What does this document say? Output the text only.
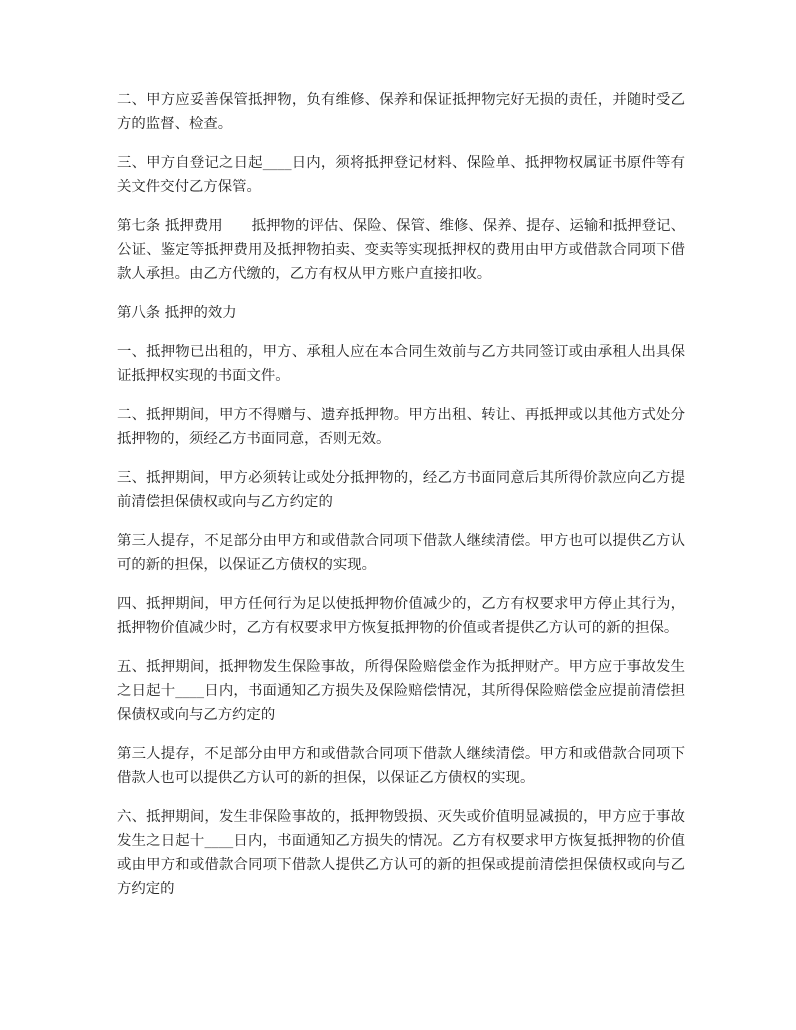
二、甲方应妥善保管抵押物，负有维修、保养和保证抵押物完好无损的责任，并随时受乙方的监督、检查。

三、甲方自登记之日起____日内，须将抵押登记材料、保险单、抵押物权属证书原件等有关文件交付乙方保管。

第七条 抵押费用　　抵押物的评估、保险、保管、维修、保养、提存、运输和抵押登记、公证、鉴定等抵押费用及抵押物拍卖、变卖等实现抵押权的费用由甲方或借款合同项下借款人承担。由乙方代缴的，乙方有权从甲方账户直接扣收。

第八条 抵押的效力

一、抵押物已出租的，甲方、承租人应在本合同生效前与乙方共同签订或由承租人出具保证抵押权实现的书面文件。

二、抵押期间，甲方不得赠与、遗弃抵押物。甲方出租、转让、再抵押或以其他方式处分抵押物的，须经乙方书面同意，否则无效。

三、抵押期间，甲方必须转让或处分抵押物的，经乙方书面同意后其所得价款应向乙方提前清偿担保债权或向与乙方约定的

第三人提存，不足部分由甲方和或借款合同项下借款人继续清偿。甲方也可以提供乙方认可的新的担保，以保证乙方债权的实现。

四、抵押期间，甲方任何行为足以使抵押物价值减少的，乙方有权要求甲方停止其行为，抵押物价值减少时，乙方有权要求甲方恢复抵押物的价值或者提供乙方认可的新的担保。

五、抵押期间，抵押物发生保险事故，所得保险赔偿金作为抵押财产。甲方应于事故发生之日起十____日内，书面通知乙方损失及保险赔偿情况，其所得保险赔偿金应提前清偿担保债权或向与乙方约定的

第三人提存，不足部分由甲方和或借款合同项下借款人继续清偿。甲方和或借款合同项下借款人也可以提供乙方认可的新的担保，以保证乙方债权的实现。

六、抵押期间，发生非保险事故的，抵押物毁损、灭失或价值明显减损的，甲方应于事故发生之日起十____日内，书面通知乙方损失的情况。乙方有权要求甲方恢复抵押物的价值或由甲方和或借款合同项下借款人提供乙方认可的新的担保或提前清偿担保债权或向与乙方约定的
